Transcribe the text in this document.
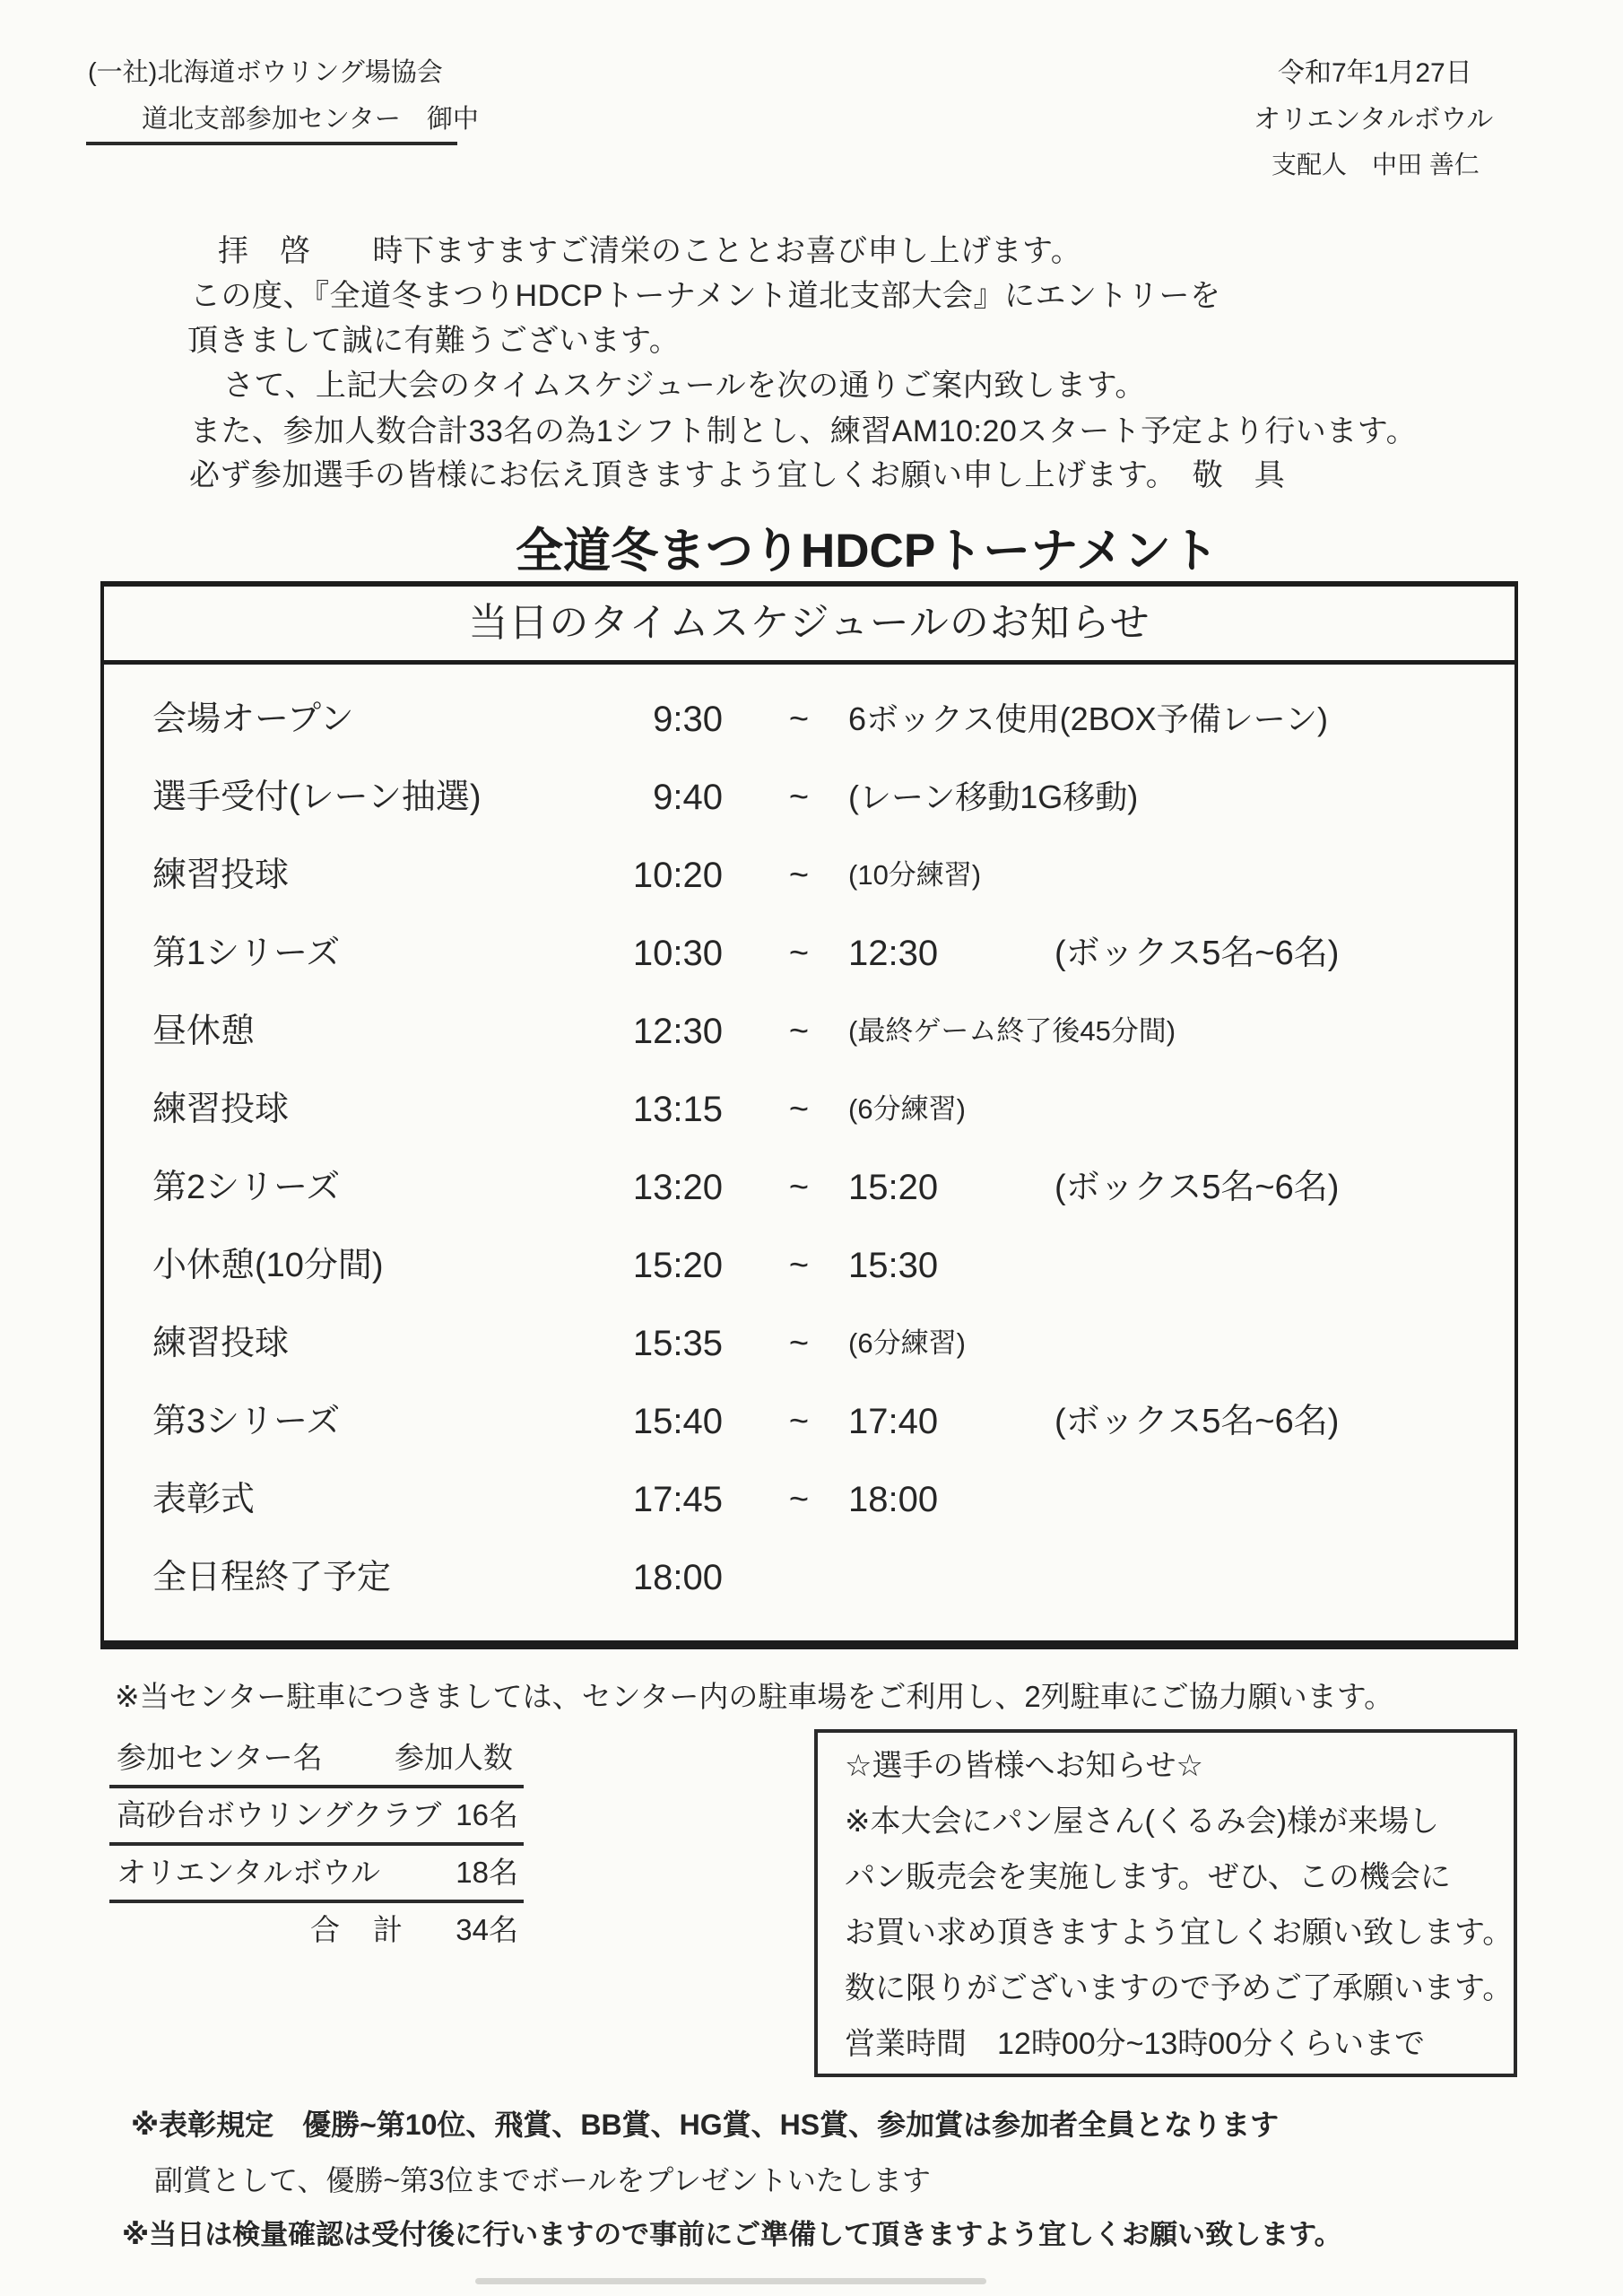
(一社)北海道ボウリング場協会
道北支部参加センター　御中
令和7年1月27日
オリエンタルボウル
支配人　中田 善仁
拝　啓　　時下ますますご清栄のこととお喜び申し上げます。
この度、『全道冬まつりHDCPトーナメント道北支部大会』にエントリーを
頂きまして誠に有難うございます。
さて、上記大会のタイムスケジュールを次の通りご案内致します。
また、参加人数合計33名の為1シフト制とし、練習AM10:20スタート予定より行います。
必ず参加選手の皆様にお伝え頂きますよう宜しくお願い申し上げます。　敬　具
全道冬まつりHDCPトーナメント
当日のタイムスケジュールのお知らせ
会場オープン	9:30	~	6ボックス使用(2BOX予備レーン)
選手受付(レーン抽選)	9:40	~	(レーン移動1G移動)
練習投球	10:20	~	(10分練習)
第1シリーズ	10:30	~	12:30	(ボックス5名~6名)
昼休憩	12:30	~	(最終ゲーム終了後45分間)
練習投球	13:15	~	(6分練習)
第2シリーズ	13:20	~	15:20	(ボックス5名~6名)
小休憩(10分間)	15:20	~	15:30
練習投球	15:35	~	(6分練習)
第3シリーズ	15:40	~	17:40	(ボックス5名~6名)
表彰式	17:45	~	18:00
全日程終了予定	18:00
※当センター駐車につきましては、センター内の駐車場をご利用し、2列駐車にご協力願います。
参加センター名 参加人数
高砂台ボウリングクラブ 16名
オリエンタルボウル	18名
合　計 34名
☆選手の皆様へお知らせ☆
※本大会にパン屋さん(くるみ会)様が来場し
パン販売会を実施します。ぜひ、この機会に
お買い求め頂きますよう宜しくお願い致します。
数に限りがございますので予めご了承願います。
営業時間　12時00分~13時00分くらいまで
※表彰規定　優勝~第10位、飛賞、BB賞、HG賞、HS賞、参加賞は参加者全員となります
副賞として、優勝~第3位までボールをプレゼントいたします
※当日は検量確認は受付後に行いますので事前にご準備して頂きますよう宜しくお願い致します。
